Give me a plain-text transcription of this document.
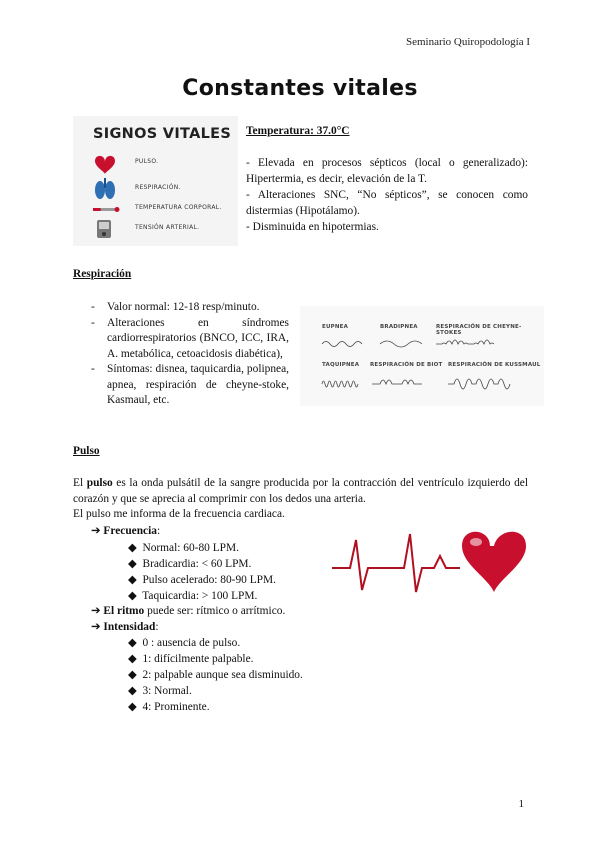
Seminario Quiropodología I
Constantes vitales
SIGNOS VITALES
PULSO.
RESPIRACIÓN.
TEMPERATURA CORPORAL.
TENSIÓN ARTERIAL.
Temperatura: 37.0°C
- Elevada en procesos sépticos (local o generalizado): Hipertermia, es decir, elevación de la T.
- Alteraciones SNC, “No sépticos”, se conocen como distermias (Hipotálamo).
- Disminuida en hipotermias.
Respiración
- Valor normal: 12-18 resp/minuto.
- Alteraciones en síndromes cardiorrespiratorios (BNCO, ICC, IRA, A. metabólica, cetoacidosis diabética),
- Síntomas: disnea, taquicardia, polipnea, apnea, respiración de cheyne-stoke, Kasmaul, etc.
EUPNEA	BRADIPNEA	RESPIRACIÓN DE CHEYNE-STOKES
TAQUIPNEA RESPIRACIÓN DE BIOT RESPIRACIÓN DE KUSSMAUL
Pulso
El pulso es la onda pulsátil de la sangre producida por la contracción del ventrículo izquierdo del corazón y que se aprecia al comprimir con los dedos una arteria.
El pulso me informa de la frecuencia cardiaca.
➔ Frecuencia:
◆ Normal: 60-80 LPM.
◆ Bradicardia: < 60 LPM.
◆ Pulso acelerado: 80-90 LPM.
◆ Taquicardia: > 100 LPM.
➔ El ritmo puede ser: rítmico o arrítmico.
➔ Intensidad:
◆ 0 : ausencia de pulso.
◆ 1: difícilmente palpable.
◆ 2: palpable aunque sea disminuido.
◆ 3: Normal.
◆ 4: Prominente.
1
